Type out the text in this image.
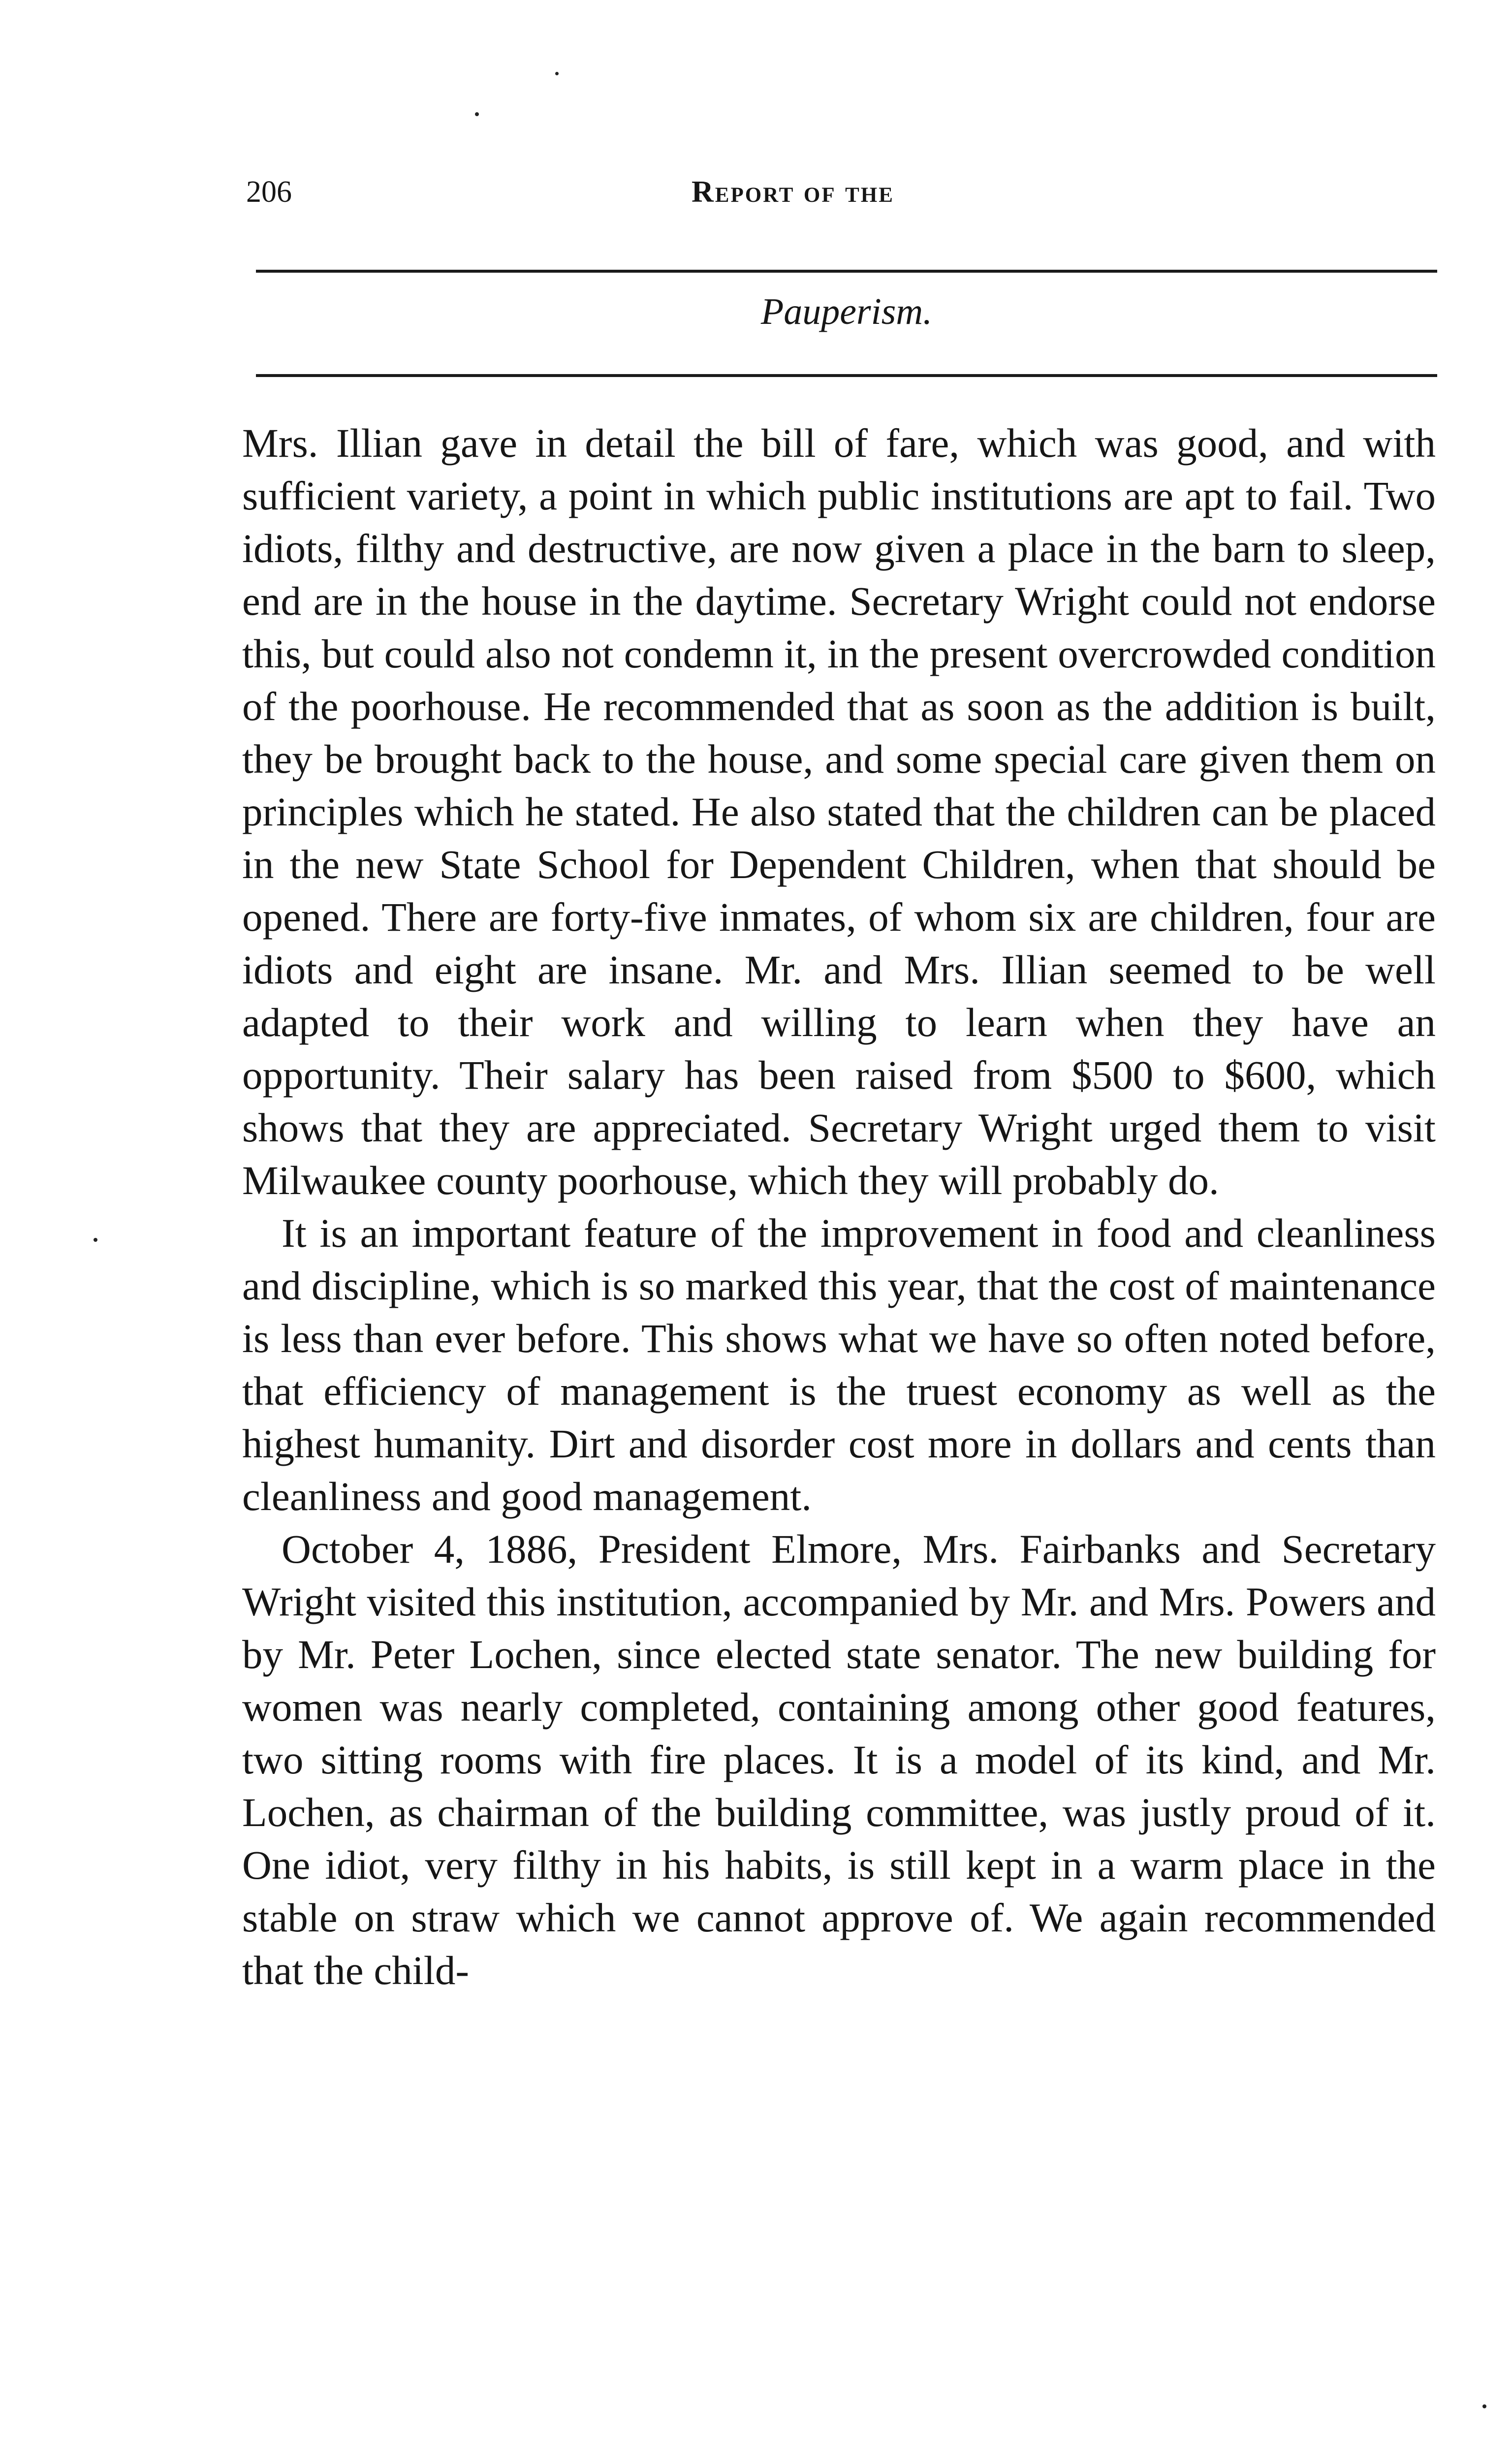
206	Report of the
Pauperism.

Mrs. Illian gave in detail the bill of fare, which was good, and with sufficient variety, a point in which public institutions are apt to fail. Two idiots, filthy and destructive, are now given a place in the barn to sleep, end are in the house in the daytime. Secretary Wright could not endorse this, but could also not condemn it, in the present overcrowded condition of the poorhouse. He recommended that as soon as the addition is built, they be brought back to the house, and some special care given them on principles which he stated. He also stated that the children can be placed in the new State School for Dependent Children, when that should be opened. There are forty-five inmates, of whom six are children, four are idiots and eight are insane. Mr. and Mrs. Illian seemed to be well adapted to their work and willing to learn when they have an opportunity. Their salary has been raised from $500 to $600, which shows that they are appreciated. Secretary Wright urged them to visit Milwaukee county poorhouse, which they will probably do.

It is an important feature of the improvement in food and cleanliness and discipline, which is so marked this year, that the cost of maintenance is less than ever before. This shows what we have so often noted before, that efficiency of management is the truest economy as well as the highest humanity. Dirt and disorder cost more in dollars and cents than cleanliness and good management.

October 4, 1886, President Elmore, Mrs. Fairbanks and Secretary Wright visited this institution, accompanied by Mr. and Mrs. Powers and by Mr. Peter Lochen, since elected state senator. The new building for women was nearly completed, containing among other good features, two sitting rooms with fire places. It is a model of its kind, and Mr. Lochen, as chairman of the building committee, was justly proud of it. One idiot, very filthy in his habits, is still kept in a warm place in the stable on straw which we cannot approve of. We again recommended that the child-
